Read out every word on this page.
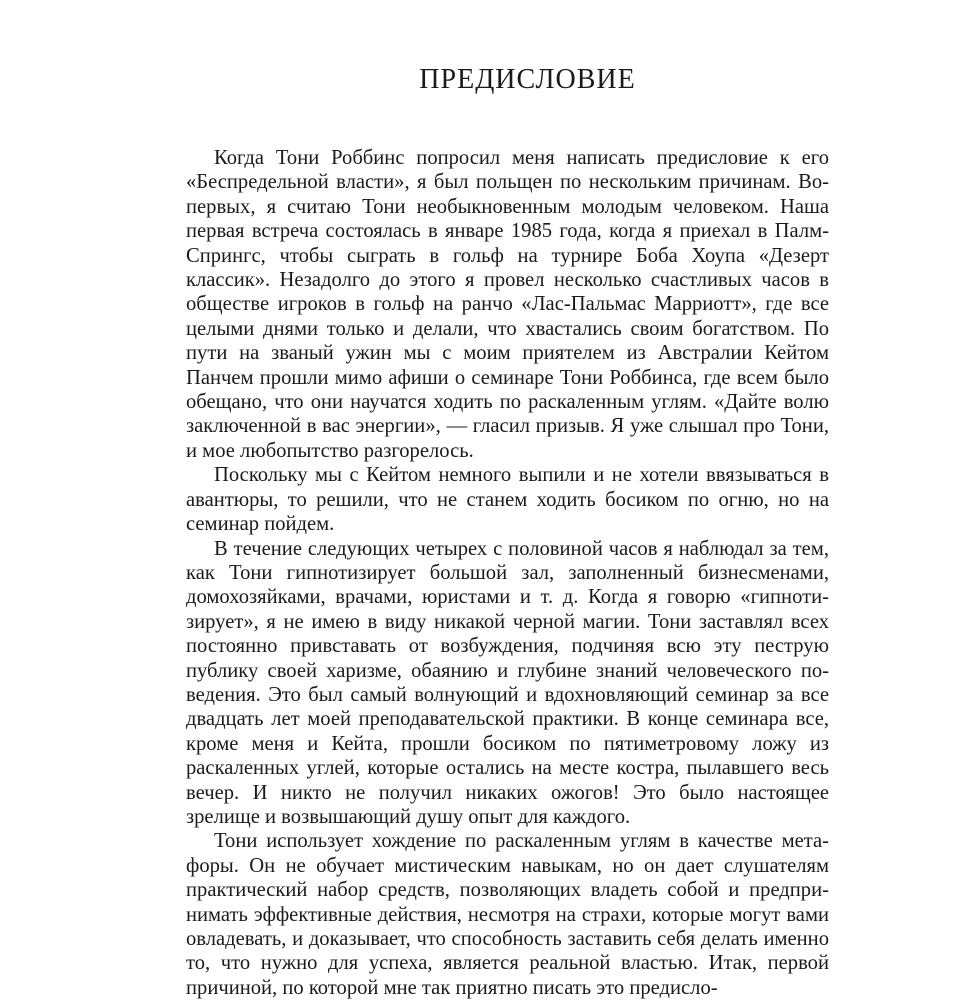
ПРЕДИСЛОВИЕ

Когда Тони Роббинс попросил меня написать предисловие к его «Беспредельной власти», я был польщен по нескольким причинам. Во-первых, я считаю Тони необыкновенным молодым человеком. Наша первая встреча состоялась в январе 1985 года, когда я приехал в Палм-Спрингс, чтобы сыграть в гольф на турнире Боба Хоупа «Дезерт классик». Незадолго до этого я провел несколько счастливых часов в обществе игроков в гольф на ранчо «Лас-Пальмас Марриотт», где все целыми днями только и делали, что хвастались своим богатством. По пути на званый ужин мы с моим приятелем из Австралии Кейтом Панчем прошли мимо афиши о семинаре Тони Роббинса, где всем было обещано, что они научатся ходить по раскаленным углям. «Дайте волю заключенной в вас энергии», — гласил призыв. Я уже слышал про Тони, и мое любопытство разгорелось.

Поскольку мы с Кейтом немного выпили и не хотели ввязываться в авантюры, то решили, что не станем ходить босиком по огню, но на семинар пойдем.

В течение следующих четырех с половиной часов я наблюдал за тем, как Тони гипнотизирует большой зал, заполненный бизнесменами, домохозяйками, врачами, юристами и т. д. Когда я говорю «гипнотизирует», я не имею в виду никакой черной магии. Тони заставлял всех постоянно привставать от возбуждения, подчиняя всю эту пеструю публику своей харизме, обаянию и глубине знаний человеческого поведения. Это был самый волнующий и вдохновляющий семинар за все двадцать лет моей преподавательской практики. В конце семинара все, кроме меня и Кейта, прошли босиком по пятиметровому ложу из раскаленных углей, которые остались на месте костра, пылавшего весь вечер. И никто не получил никаких ожогов! Это было настоящее зрелище и возвышающий душу опыт для каждого.

Тони использует хождение по раскаленным углям в качестве метафоры. Он не обучает мистическим навыкам, но он дает слушателям практический набор средств, позволяющих владеть собой и предпринимать эффективные действия, несмотря на страхи, которые могут вами овладевать, и доказывает, что способность заставить себя делать именно то, что нужно для успеха, является реальной властью. Итак, первой причиной, по которой мне так приятно писать это предисло-
